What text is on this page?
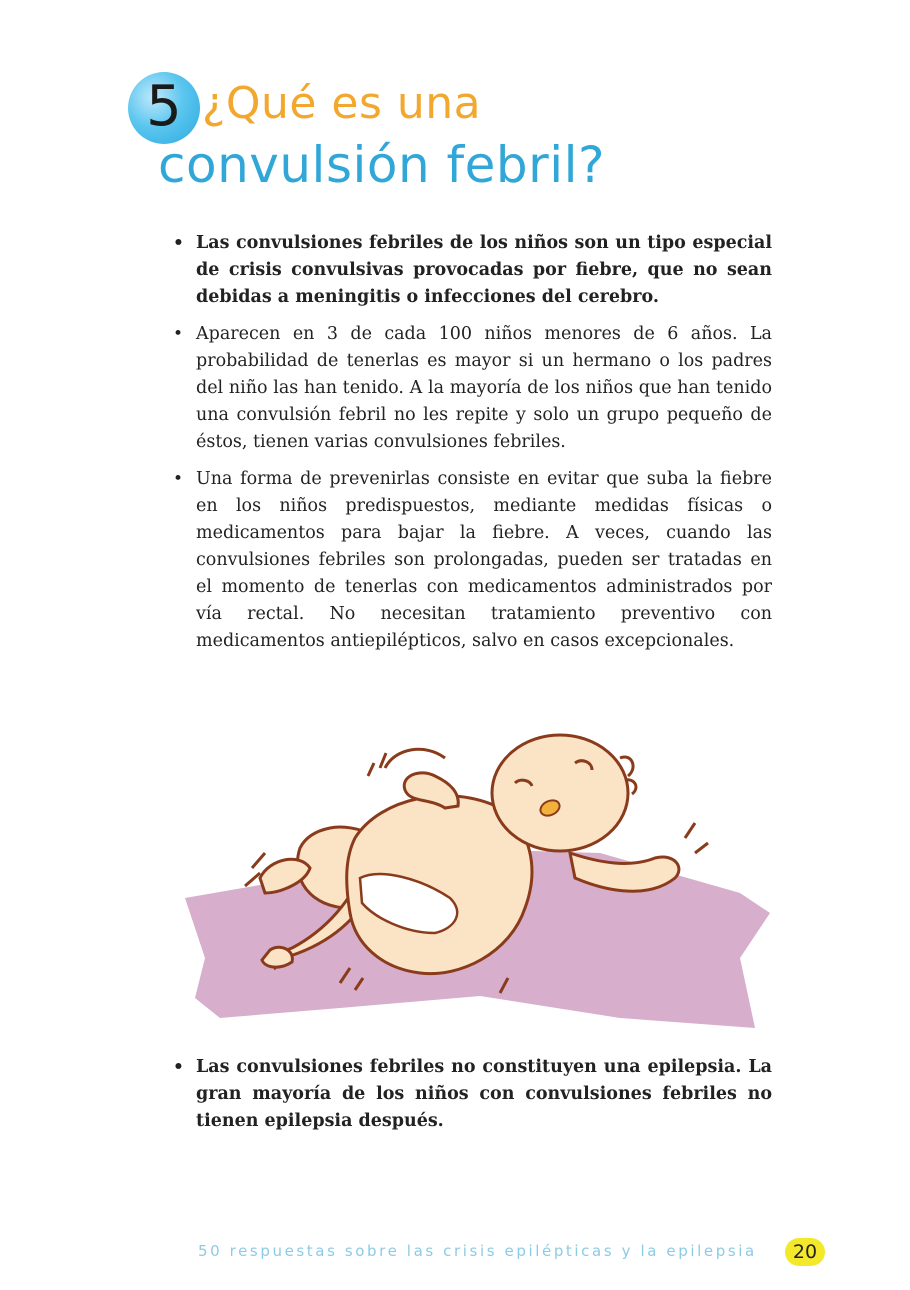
5 ¿Qué es una
convulsión febril?
• Las convulsiones febriles de los niños son un tipo especial de crisis convulsivas provocadas por fiebre, que no sean debidas a meningitis o infecciones del cerebro.
• Aparecen en 3 de cada 100 niños menores de 6 años. La probabilidad de tenerlas es mayor si un hermano o los padres del niño las han tenido. A la mayoría de los niños que han tenido una convulsión febril no les repite y solo un grupo pequeño de éstos, tienen varias convulsiones febriles.
• Una forma de prevenirlas consiste en evitar que suba la fiebre en los niños predispuestos, mediante medidas físicas o medicamentos para bajar la fiebre. A veces, cuando las convulsiones febriles son prolongadas, pueden ser tratadas en el momento de tenerlas con medicamentos administrados por vía rectal. No necesitan tratamiento preventivo con medicamentos antiepilépticos, salvo en casos excepcionales.
• Las convulsiones febriles no constituyen una epilepsia. La gran mayoría de los niños con convulsiones febriles no tienen epilepsia después.
50 respuestas sobre las crisis epilépticas y la epilepsia	20
